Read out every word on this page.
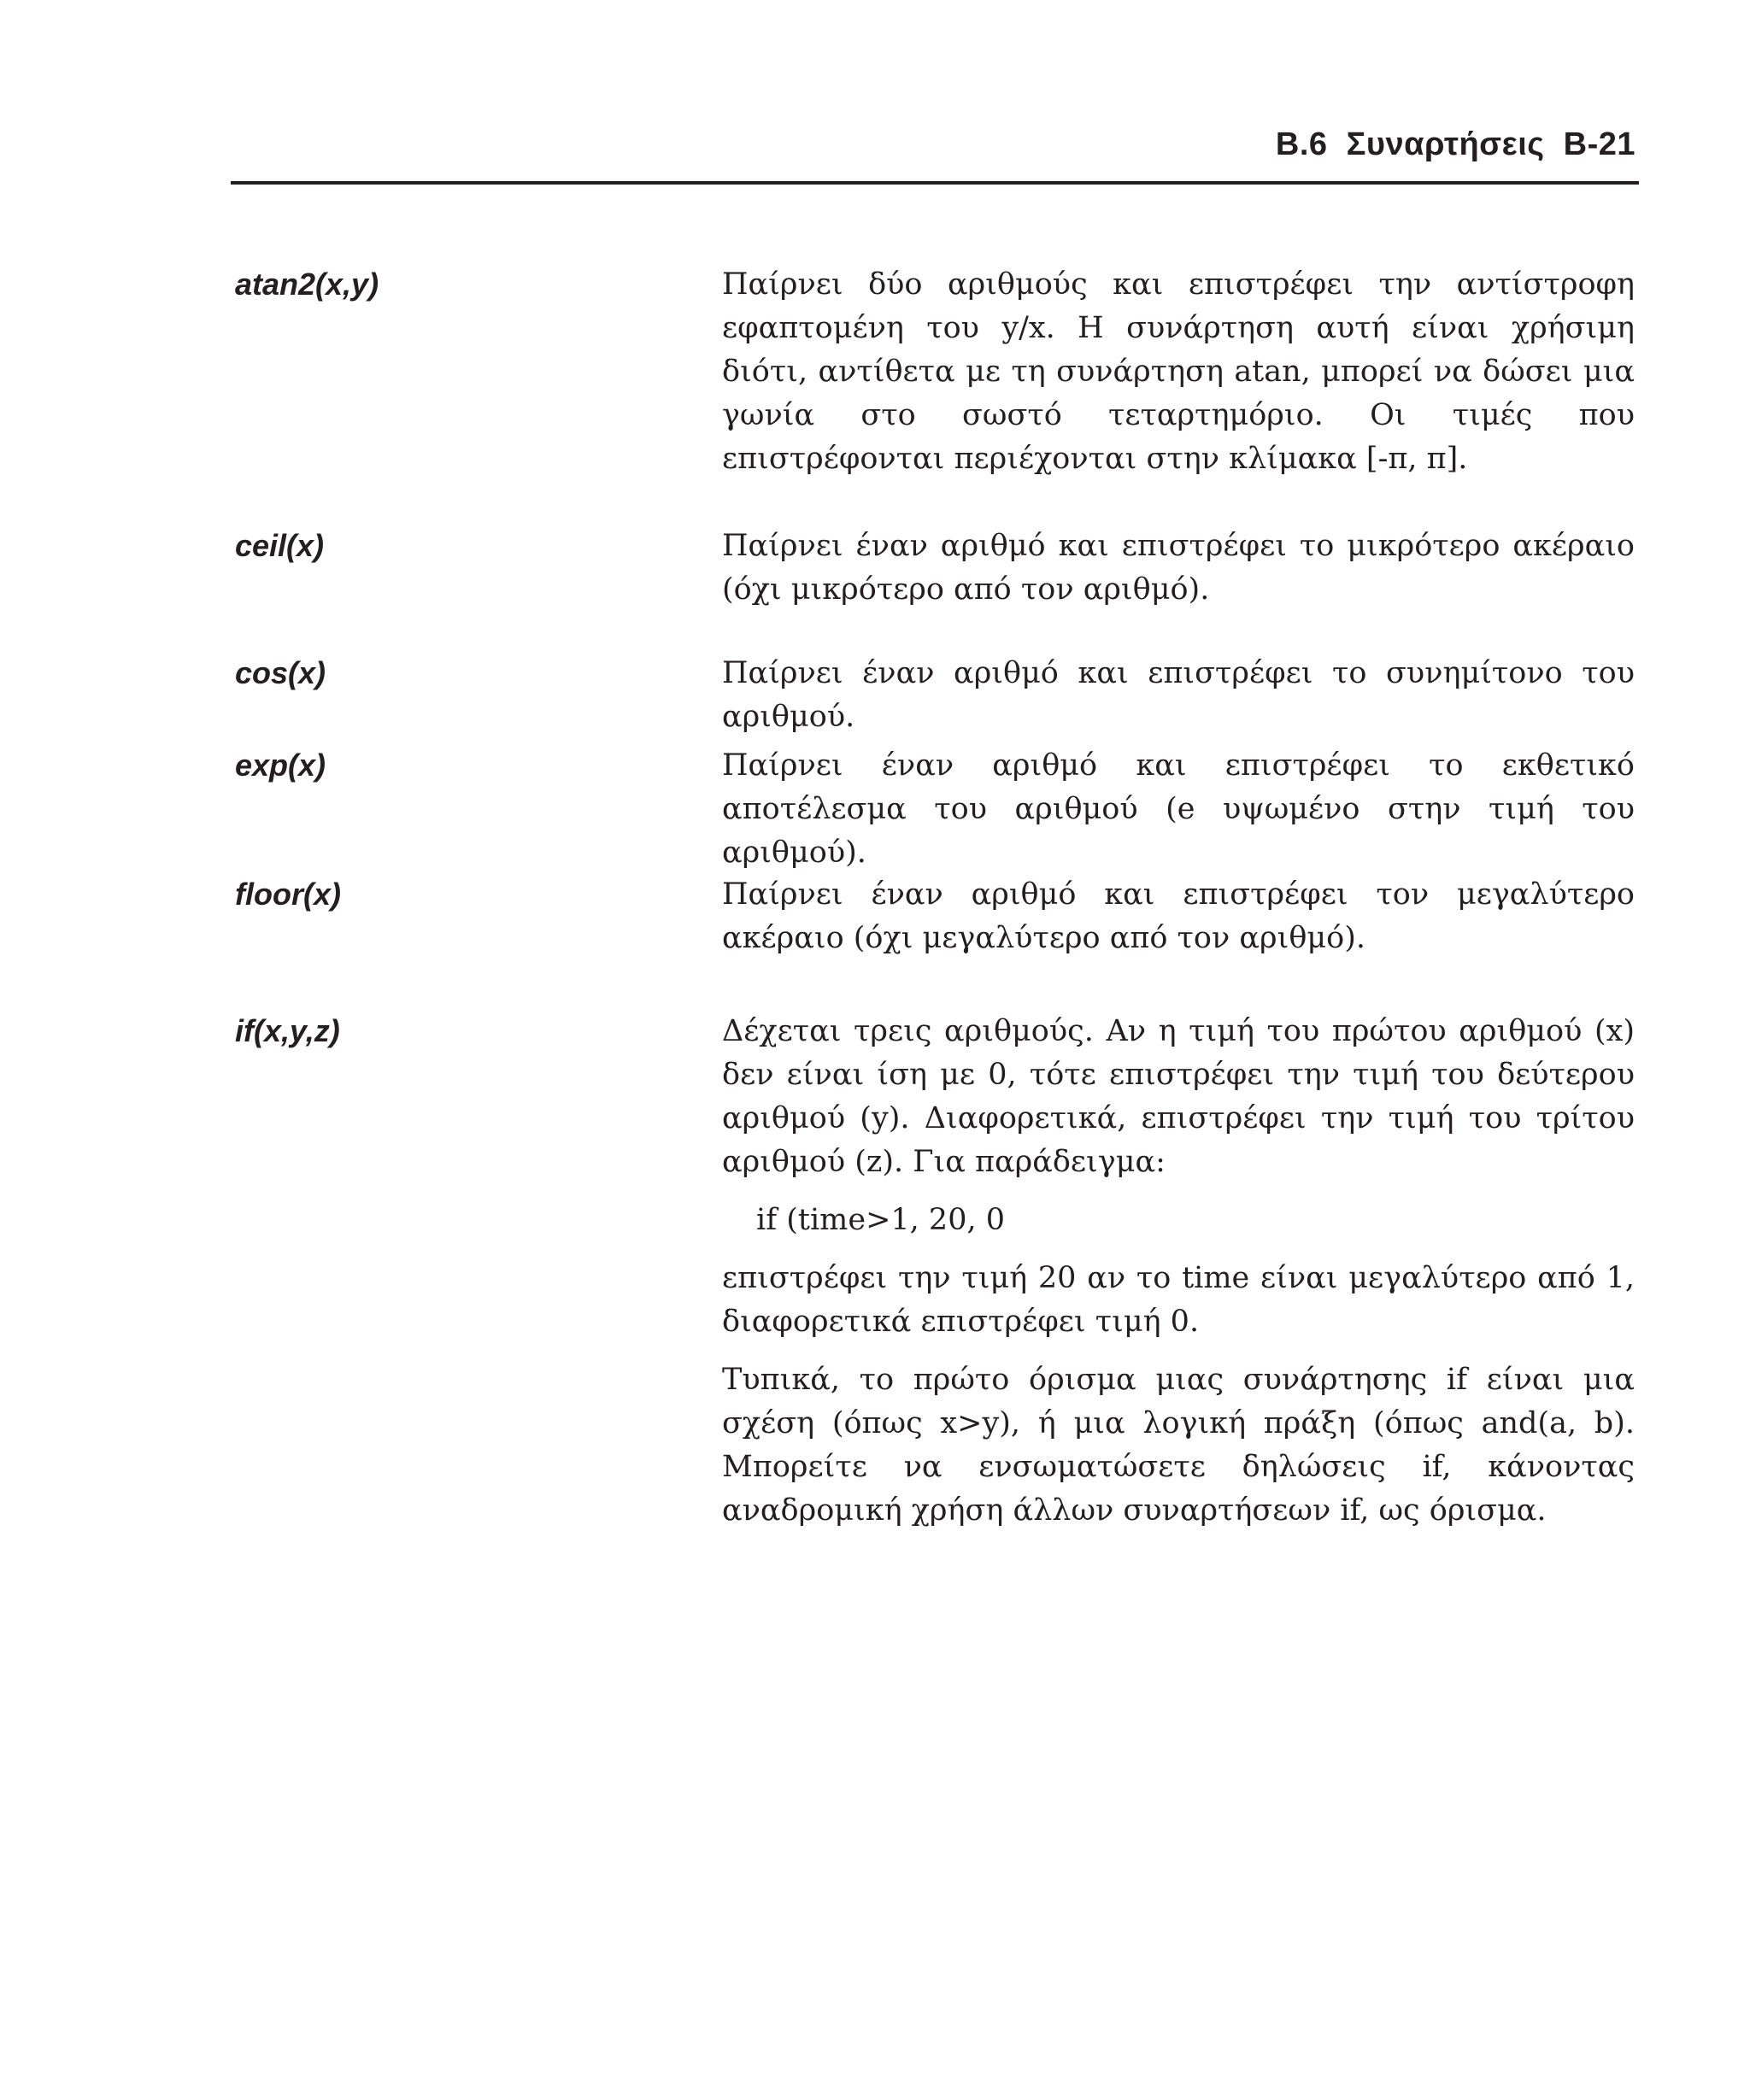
B.6  Συναρτήσεις  B-21
atan2(x,y)	Παίρνει δύο αριθμούς και επιστρέφει την αντίστροφη εφαπτομένη του y/x. Η συνάρτηση αυτή είναι χρήσιμη διότι, αντίθετα με τη συνάρτηση atan, μπορεί να δώσει μια γωνία στο σωστό τεταρτημόριο. Οι τιμές που επιστρέφονται περιέχονται στην κλίμακα [-π, π].

ceil(x)	Παίρνει έναν αριθμό και επιστρέφει το μικρότερο ακέραιο (όχι μικρότερο από τον αριθμό).

cos(x)	Παίρνει έναν αριθμό και επιστρέφει το συνημίτονο του αριθμού.

exp(x)	Παίρνει έναν αριθμό και επιστρέφει το εκθετικό αποτέλεσμα του αριθμού (e υψωμένο στην τιμή του αριθμού).

floor(x)	Παίρνει έναν αριθμό και επιστρέφει τον μεγαλύτερο ακέραιο (όχι μεγαλύτερο από τον αριθμό).

if(x,y,z)	Δέχεται τρεις αριθμούς. Αν η τιμή του πρώτου αριθμού (x) δεν είναι ίση με 0, τότε επιστρέφει την τιμή του δεύτερου αριθμού (y). Διαφορετικά, επιστρέφει την τιμή του τρίτου αριθμού (z). Για παράδειγμα:

if (time>1, 20, 0

επιστρέφει την τιμή 20 αν το time είναι μεγαλύτερο από 1, διαφορετικά επιστρέφει τιμή 0.

Τυπικά, το πρώτο όρισμα μιας συνάρτησης if είναι μια σχέση (όπως x>y), ή μια λογική πράξη (όπως and(a, b). Μπορείτε να ενσωματώσετε δηλώσεις if, κάνοντας αναδρομική χρήση άλλων συναρτήσεων if, ως όρισμα.
